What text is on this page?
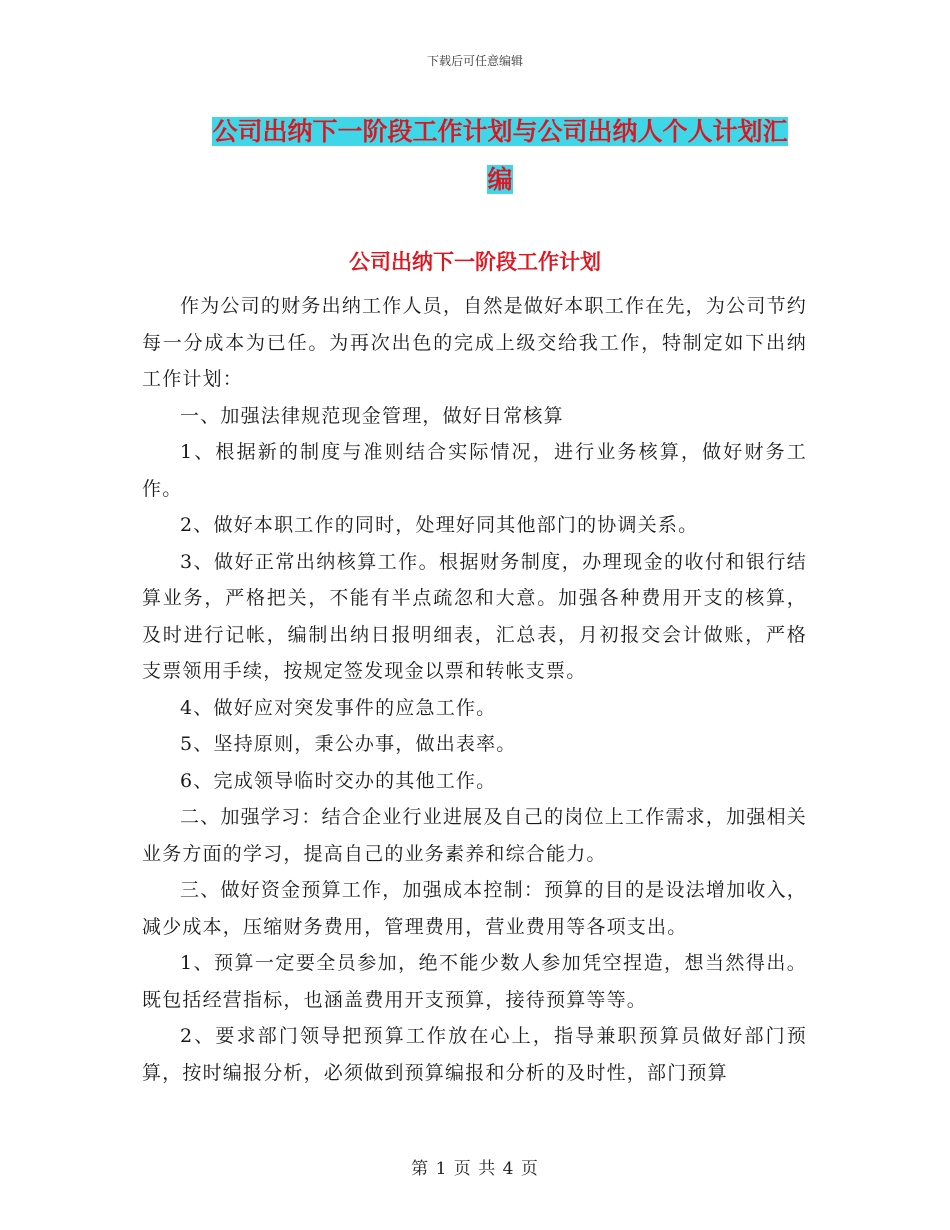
下载后可任意编辑
公司出纳下一阶段工作计划与公司出纳人个人计划汇
编
公司出纳下一阶段工作计划

作为公司的财务出纳工作人员，自然是做好本职工作在先，为公司节约每一分成本为已任。为再次出色的完成上级交给我工作，特制定如下出纳工作计划：

一、加强法律规范现金管理，做好日常核算

1、根据新的制度与准则结合实际情况，进行业务核算，做好财务工作。

2、做好本职工作的同时，处理好同其他部门的协调关系。

3、做好正常出纳核算工作。根据财务制度，办理现金的收付和银行结算业务，严格把关，不能有半点疏忽和大意。加强各种费用开支的核算，及时进行记帐，编制出纳日报明细表，汇总表，月初报交会计做账，严格支票领用手续，按规定签发现金以票和转帐支票。

4、做好应对突发事件的应急工作。

5、坚持原则，秉公办事，做出表率。

6、完成领导临时交办的其他工作。

二、加强学习：结合企业行业进展及自己的岗位上工作需求，加强相关业务方面的学习，提高自己的业务素养和综合能力。

三、做好资金预算工作，加强成本控制：预算的目的是设法增加收入，减少成本，压缩财务费用，管理费用，营业费用等各项支出。

1、预算一定要全员参加，绝不能少数人参加凭空捏造，想当然得出。既包括经营指标，也涵盖费用开支预算，接待预算等等。

2、要求部门领导把预算工作放在心上，指导兼职预算员做好部门预算，按时编报分析，必须做到预算编报和分析的及时性，部门预算

第 1 页 共 4 页
